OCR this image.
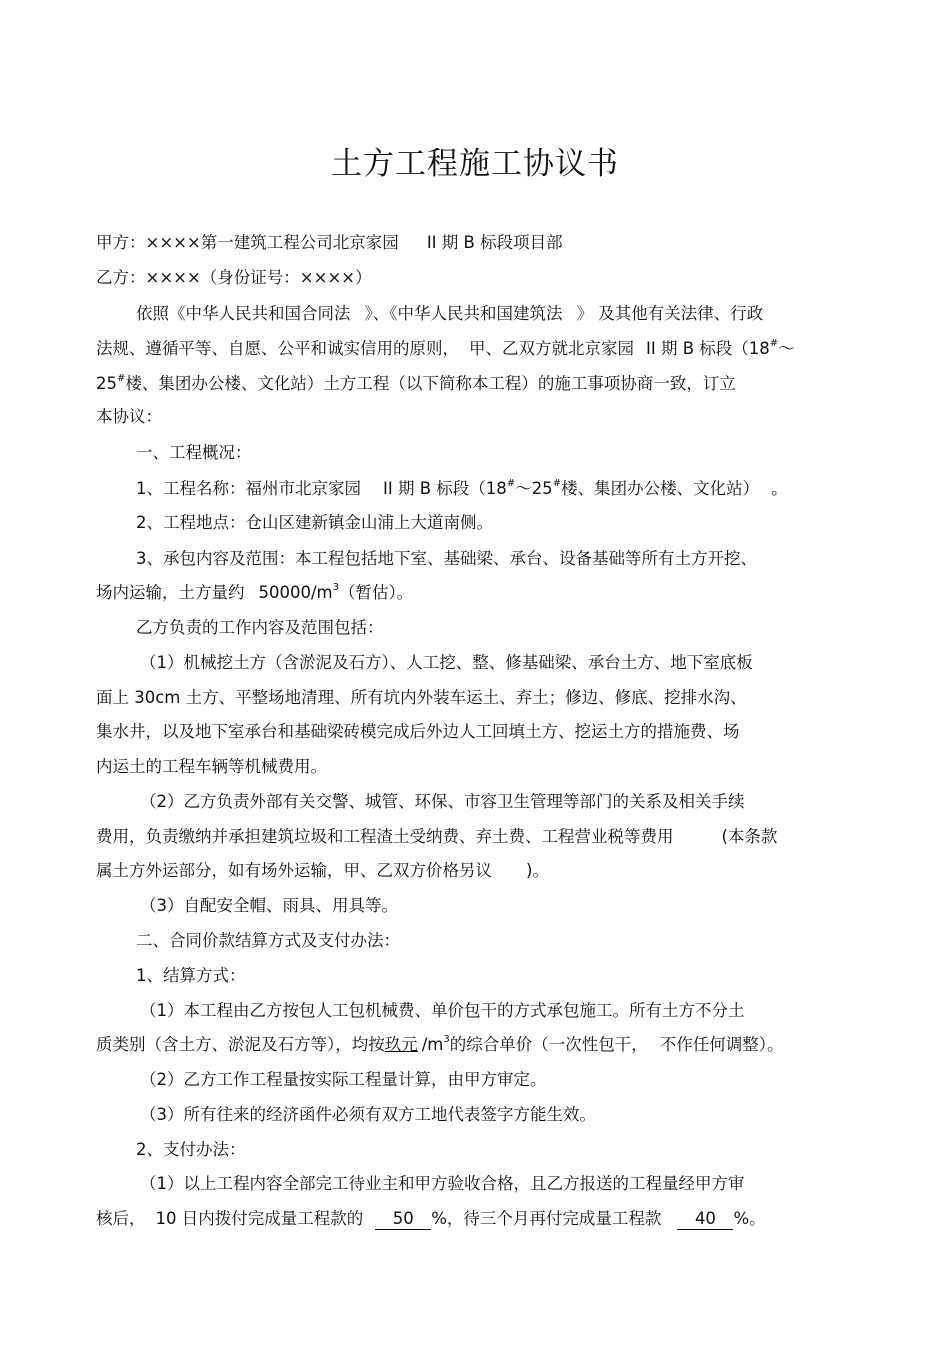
土方工程施工协议书
甲方：××××第一建筑工程公司北京家园 II 期 B 标段项目部
乙方：××××（身份证号：××××）
依照《中华人民共和国合同法 》、《中华人民共和国建筑法 》 及其他有关法律、行政
法规、遵循平等、自愿、公平和诚实信用的原则， 甲、乙双方就北京家园 II 期 B 标段（18#～
25#楼、集团办公楼、文化站）土方工程（以下简称本工程）的施工事项协商一致，订立
本协议：
一、工程概况：
1、工程名称：福州市北京家园 II 期 B 标段（18#～25#楼、集团办公楼、文化站） 。
2、工程地点：仓山区建新镇金山浦上大道南侧。
3、承包内容及范围：本工程包括地下室、基础梁、承台、设备基础等所有土方开挖、
场内运输，土方量约 $50000/m^3$（暂估）。
乙方负责的工作内容及范围包括：
（1）机械挖土方（含淤泥及石方）、人工挖、整、修基础梁、承台土方、地下室底板
面上 30cm 土方、平整场地清理、所有坑内外装车运土、弃土；修边、修底、挖排水沟、
集水井，以及地下室承台和基础梁砖模完成后外边人工回填土方、挖运土方的措施费、场
内运土的工程车辆等机械费用。
（2）乙方负责外部有关交警、城管、环保、市容卫生管理等部门的关系及相关手续
费用，负责缴纳并承担建筑垃圾和工程渣土受纳费、弃土费、工程营业税等费用	(本条款
属土方外运部分，如有场外运输，甲、乙双方价格另议 )。
（3）自配安全帽、雨具、用具等。
二、合同价款结算方式及支付办法：
1、结算方式：
（1）本工程由乙方按包人工包机械费、单价包干的方式承包施工。所有土方不分土
质类别（含土方、淤泥及石方等），均按玖元 $/m^3$的综合单价（一次性包干， 不作任何调整）。
（2）乙方工作工程量按实际工程量计算，由甲方审定。
（3）所有往来的经济函件必须有双方工地代表签字方能生效。
2、支付办法：
（1）以上工程内容全部完工待业主和甲方验收合格，且乙方报送的工程量经甲方审
核后， 10 日内拨付完成量工程款的 50 %，待三个月再付完成量工程款 40 %。
